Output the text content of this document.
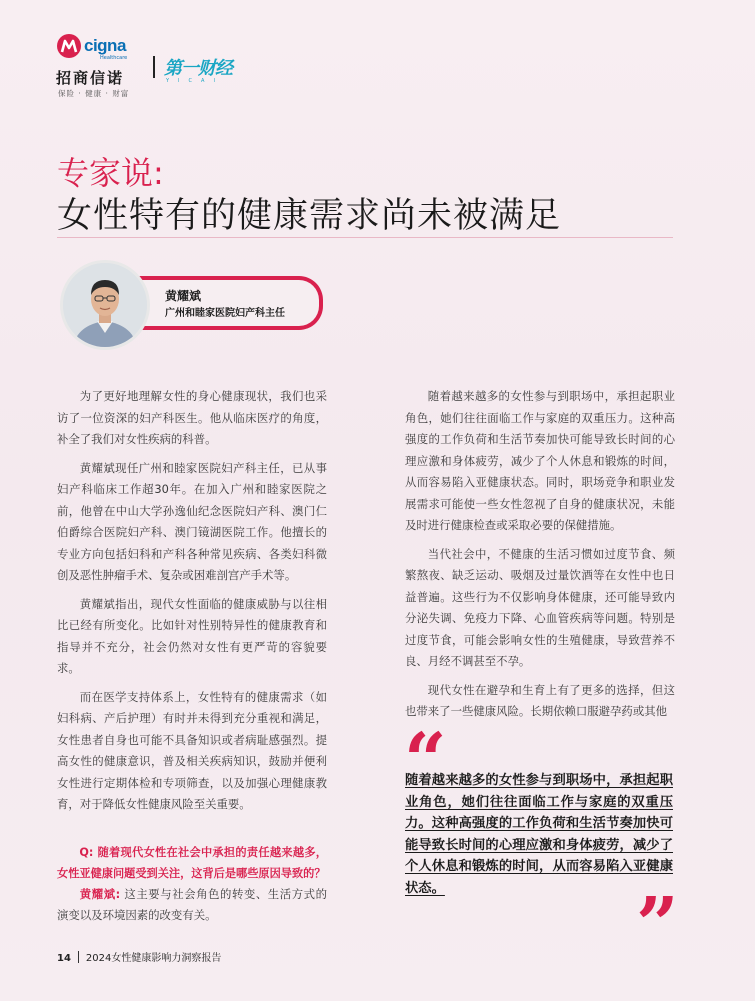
cigna
Healthcare
招商信诺
保险 · 健康 · 财富
第一财经
YICAI
专家说:
女性特有的健康需求尚未被满足
黄耀斌
广州和睦家医院妇产科主任

为了更好地理解女性的身心健康现状，我们也采访了一位资深的妇产科医生。他从临床医疗的角度，补全了我们对女性疾病的科普。

黄耀斌现任广州和睦家医院妇产科主任，已从事妇产科临床工作超30年。在加入广州和睦家医院之前，他曾在中山大学孙逸仙纪念医院妇产科、澳门仁伯爵综合医院妇产科、澳门镜湖医院工作。他擅长的专业方向包括妇科和产科各种常见疾病、各类妇科微创及恶性肿瘤手术、复杂或困难剖宫产手术等。

黄耀斌指出，现代女性面临的健康威胁与以往相比已经有所变化。比如针对性别特异性的健康教育和指导并不充分，社会仍然对女性有更严苛的容貌要求。

而在医学支持体系上，女性特有的健康需求（如妇科病、产后护理）有时并未得到充分重视和满足，女性患者自身也可能不具备知识或者病耻感强烈。提高女性的健康意识，普及相关疾病知识，鼓励并便利女性进行定期体检和专项筛查，以及加强心理健康教育，对于降低女性健康风险至关重要。

Q: 随着现代女性在社会中承担的责任越来越多，女性亚健康问题受到关注，这背后是哪些原因导致的？
黄耀斌: 这主要与社会角色的转变、生活方式的演变以及环境因素的改变有关。

随着越来越多的女性参与到职场中，承担起职业角色，她们往往面临工作与家庭的双重压力。这种高强度的工作负荷和生活节奏加快可能导致长时间的心理应激和身体疲劳，减少了个人休息和锻炼的时间，从而容易陷入亚健康状态。同时，职场竞争和职业发展需求可能使一些女性忽视了自身的健康状况，未能及时进行健康检查或采取必要的保健措施。

当代社会中，不健康的生活习惯如过度节食、频繁熬夜、缺乏运动、吸烟及过量饮酒等在女性中也日益普遍。这些行为不仅影响身体健康，还可能导致内分泌失调、免疫力下降、心血管疾病等问题。特别是过度节食，可能会影响女性的生殖健康，导致营养不良、月经不调甚至不孕。

现代女性在避孕和生育上有了更多的选择，但这也带来了一些健康风险。长期依赖口服避孕药或其他

“
随着越来越多的女性参与到职场中，承担起职业角色，她们往往面临工作与家庭的双重压力。这种高强度的工作负荷和生活节奏加快可能导致长时间的心理应激和身体疲劳，减少了个人休息和锻炼的时间，从而容易陷入亚健康状态。	”
14 2024女性健康影响力洞察报告
